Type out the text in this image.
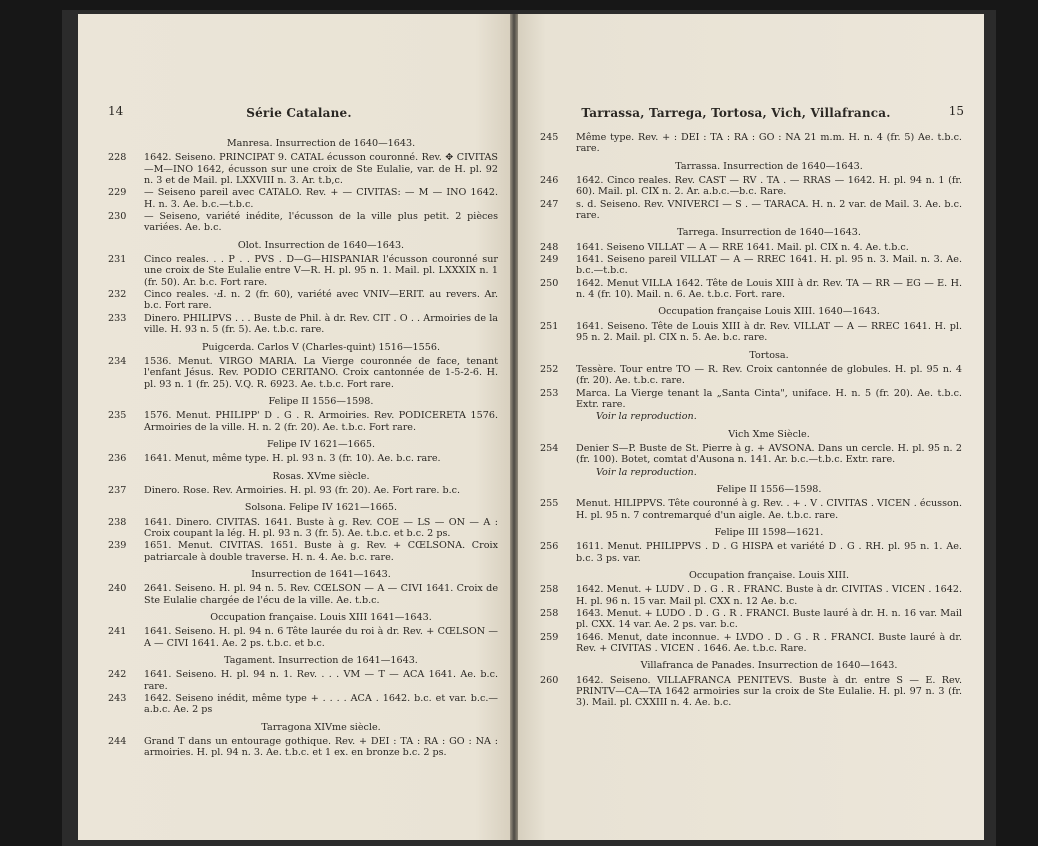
14	Série Catalane.
Manresa. Insurrection de 1640—1643.
228	1642. Seiseno. PRINCIPAT 9. CATAL écusson couronné. Rev. ✥ CIVITAS—M—INO 1642, écusson sur une croix de Ste Eulalie, var. de H. pl. 92 n. 3 et de Mail. pl. LXXVIII n. 3. Ar. t.b,c.
229	— Seiseno pareil avec CATALO. Rev. + — CIVITAS: — M — INO 1642. H. n. 3. Ae. b.c.—t.b.c.
230	— Seiseno, variété inédite, l'écusson de la ville plus petit. 2 pièces variées. Ae. b.c.
Olot. Insurrection de 1640—1643.
231	Cinco reales. . . P . . PVS . D—G—HISPANIAR l'écusson couronné sur une croix de Ste Eulalie entre V—R. H. pl. 95 n. 1. Mail. pl. LXXXIX n. 1 (fr. 50). Ar. b.c. Fort rare.
232	Cinco reales. ·Ⅎ. n. 2 (fr. 60), variété avec VNIV—ERIT. au revers. Ar. b.c. Fort rare.
233	Dinero. PHILIPVS . . . Buste de Phil. à dr. Rev. CIT . O . . Armoiries de la ville. H. 93 n. 5 (fr. 5). Ae. t.b.c. rare.
Puigcerda. Carlos V (Charles-quint) 1516—1556.
234	1536. Menut. VIRGO MARIA. La Vierge couronnée de face, tenant l'enfant Jésus. Rev. PODIO CERITANO. Croix cantonnée de 1-5-2-6. H. pl. 93 n. 1 (fr. 25). V.Q. R. 6923. Ae. t.b.c. Fort rare.
Felipe II 1556—1598.
235	1576. Menut. PHILIPP' D . G . R. Armoiries. Rev. PODICERETA 1576. Armoiries de la ville. H. n. 2 (fr. 20). Ae. t.b.c. Fort rare.
Felipe IV 1621—1665.
236	1641. Menut, même type. H. pl. 93 n. 3 (fr. 10). Ae. b.c. rare.
Rosas. XVme siècle.
237	Dinero. Rose. Rev. Armoiries. H. pl. 93 (fr. 20). Ae. Fort rare. b.c.
Solsona. Felipe IV 1621—1665.
238	1641. Dinero. CIVITAS. 1641. Buste à g. Rev. COE — LS — ON — A : Croix coupant la lég. H. pl. 93 n. 3 (fr. 5). Ae. t.b.c. et b.c. 2 ps.
239	1651. Menut. CIVITAS. 1651. Buste à g. Rev. + CŒLSONA. Croix patriarcale à double traverse. H. n. 4. Ae. b.c. rare.
Insurrection de 1641—1643.
240	2641. Seiseno. H. pl. 94 n. 5. Rev. CŒLSON — A — CIVI 1641. Croix de Ste Eulalie chargée de l'écu de la ville. Ae. t.b.c.
Occupation française. Louis XIII 1641—1643.
241	1641. Seiseno. H. pl. 94 n. 6 Tête laurée du roi à dr. Rev. + CŒLSON — A — CIVI 1641. Ae. 2 ps. t.b.c. et b.c.
Tagament. Insurrection de 1641—1643.
242	1641. Seiseno. H. pl. 94 n. 1. Rev. . . . VM — T — ACA 1641. Ae. b.c. rare.
243	1642. Seiseno inédit, même type + . . . . ACA . 1642. b.c. et var. b.c.— a.b.c. Ae. 2 ps
Tarragona XIVme siècle.
244	Grand T dans un entourage gothique. Rev. + DEI : TA : RA : GO : NA : armoiries. H. pl. 94 n. 3. Ae. t.b.c. et 1 ex. en bronze b.c. 2 ps.
Tarrassa, Tarrega, Tortosa, Vich, Villafranca.	15
245	Même type. Rev. + : DEI : TA : RA : GO : NA 21 m.m. H. n. 4 (fr. 5) Ae. t.b.c. rare.
Tarrassa. Insurrection de 1640—1643.
246	1642. Cinco reales. Rev. CAST — RV . TA . — RRAS — 1642. H. pl. 94 n. 1 (fr. 60). Mail. pl. CIX n. 2. Ar. a.b.c.—b.c. Rare.
247	s. d. Seiseno. Rev. VNIVERCI — S . — TARACA. H. n. 2 var. de Mail. 3. Ae. b.c. rare.
Tarrega. Insurrection de 1640—1643.
248	1641. Seiseno VILLAT — A — RRE 1641. Mail. pl. CIX n. 4. Ae. t.b.c.
249	1641. Seiseno pareil VILLAT — A — RREC 1641. H. pl. 95 n. 3. Mail. n. 3. Ae. b.c.—t.b.c.
250	1642. Menut VILLA 1642. Tête de Louis XIII à dr. Rev. TA — RR — EG — E. H. n. 4 (fr. 10). Mail. n. 6. Ae. t.b.c. Fort. rare.
Occupation française Louis XIII. 1640—1643.
251	1641. Seiseno. Tête de Louis XIII à dr. Rev. VILLAT — A — RREC 1641. H. pl. 95 n. 2. Mail. pl. CIX n. 5. Ae. b.c. rare.
Tortosa.
252	Tessère. Tour entre TO — R. Rev. Croix cantonnée de globules. H. pl. 95 n. 4 (fr. 20). Ae. t.b.c. rare.
253	Marca. La Vierge tenant la „Santa Cinta", uniface. H. n. 5 (fr. 20). Ae. t.b.c. Extr. rare.
Voir la reproduction.
Vich Xme Siècle.
254	Denier S—P. Buste de St. Pierre à g. + AVSONA. Dans un cercle. H. pl. 95 n. 2 (fr. 100). Botet, comtat d'Ausona n. 141. Ar. b.c.—t.b.c. Extr. rare.
Voir la reproduction.
Felipe II 1556—1598.
255	Menut. HILIPPVS. Tête couronné à g. Rev. . + . V . CIVITAS . VICEN . écusson. H. pl. 95 n. 7 contremarqué d'un aigle. Ae. t.b.c. rare.
Felipe III 1598—1621.
256	1611. Menut. PHILIPPVS . D . G HISPA et variété D . G . RH. pl. 95 n. 1. Ae. b.c. 3 ps. var.
Occupation française. Louis XIII.
258	1642. Menut. + LUDV . D . G . R . FRANC. Buste à dr. CIVITAS . VICEN . 1642. H. pl. 96 n. 15 var. Mail pl. CXX n. 12 Ae. b.c.
258	1643. Menut. + LUDO . D . G . R . FRANCI. Buste lauré à dr. H. n. 16 var. Mail pl. CXX. 14 var. Ae. 2 ps. var. b.c.
259	1646. Menut, date inconnue. + LVDO . D . G . R . FRANCI. Buste lauré à dr. Rev. + CIVITAS . VICEN . 1646. Ae. t.b.c. Rare.
Villafranca de Panades. Insurrection de 1640—1643.
260	1642. Seiseno. VILLAFRANCA PENITEVS. Buste à dr. entre S — E. Rev. PRINTV—CA—TA 1642 armoiries sur la croix de Ste Eulalie. H. pl. 97 n. 3 (fr. 3). Mail. pl. CXXIII n. 4. Ae. b.c.
